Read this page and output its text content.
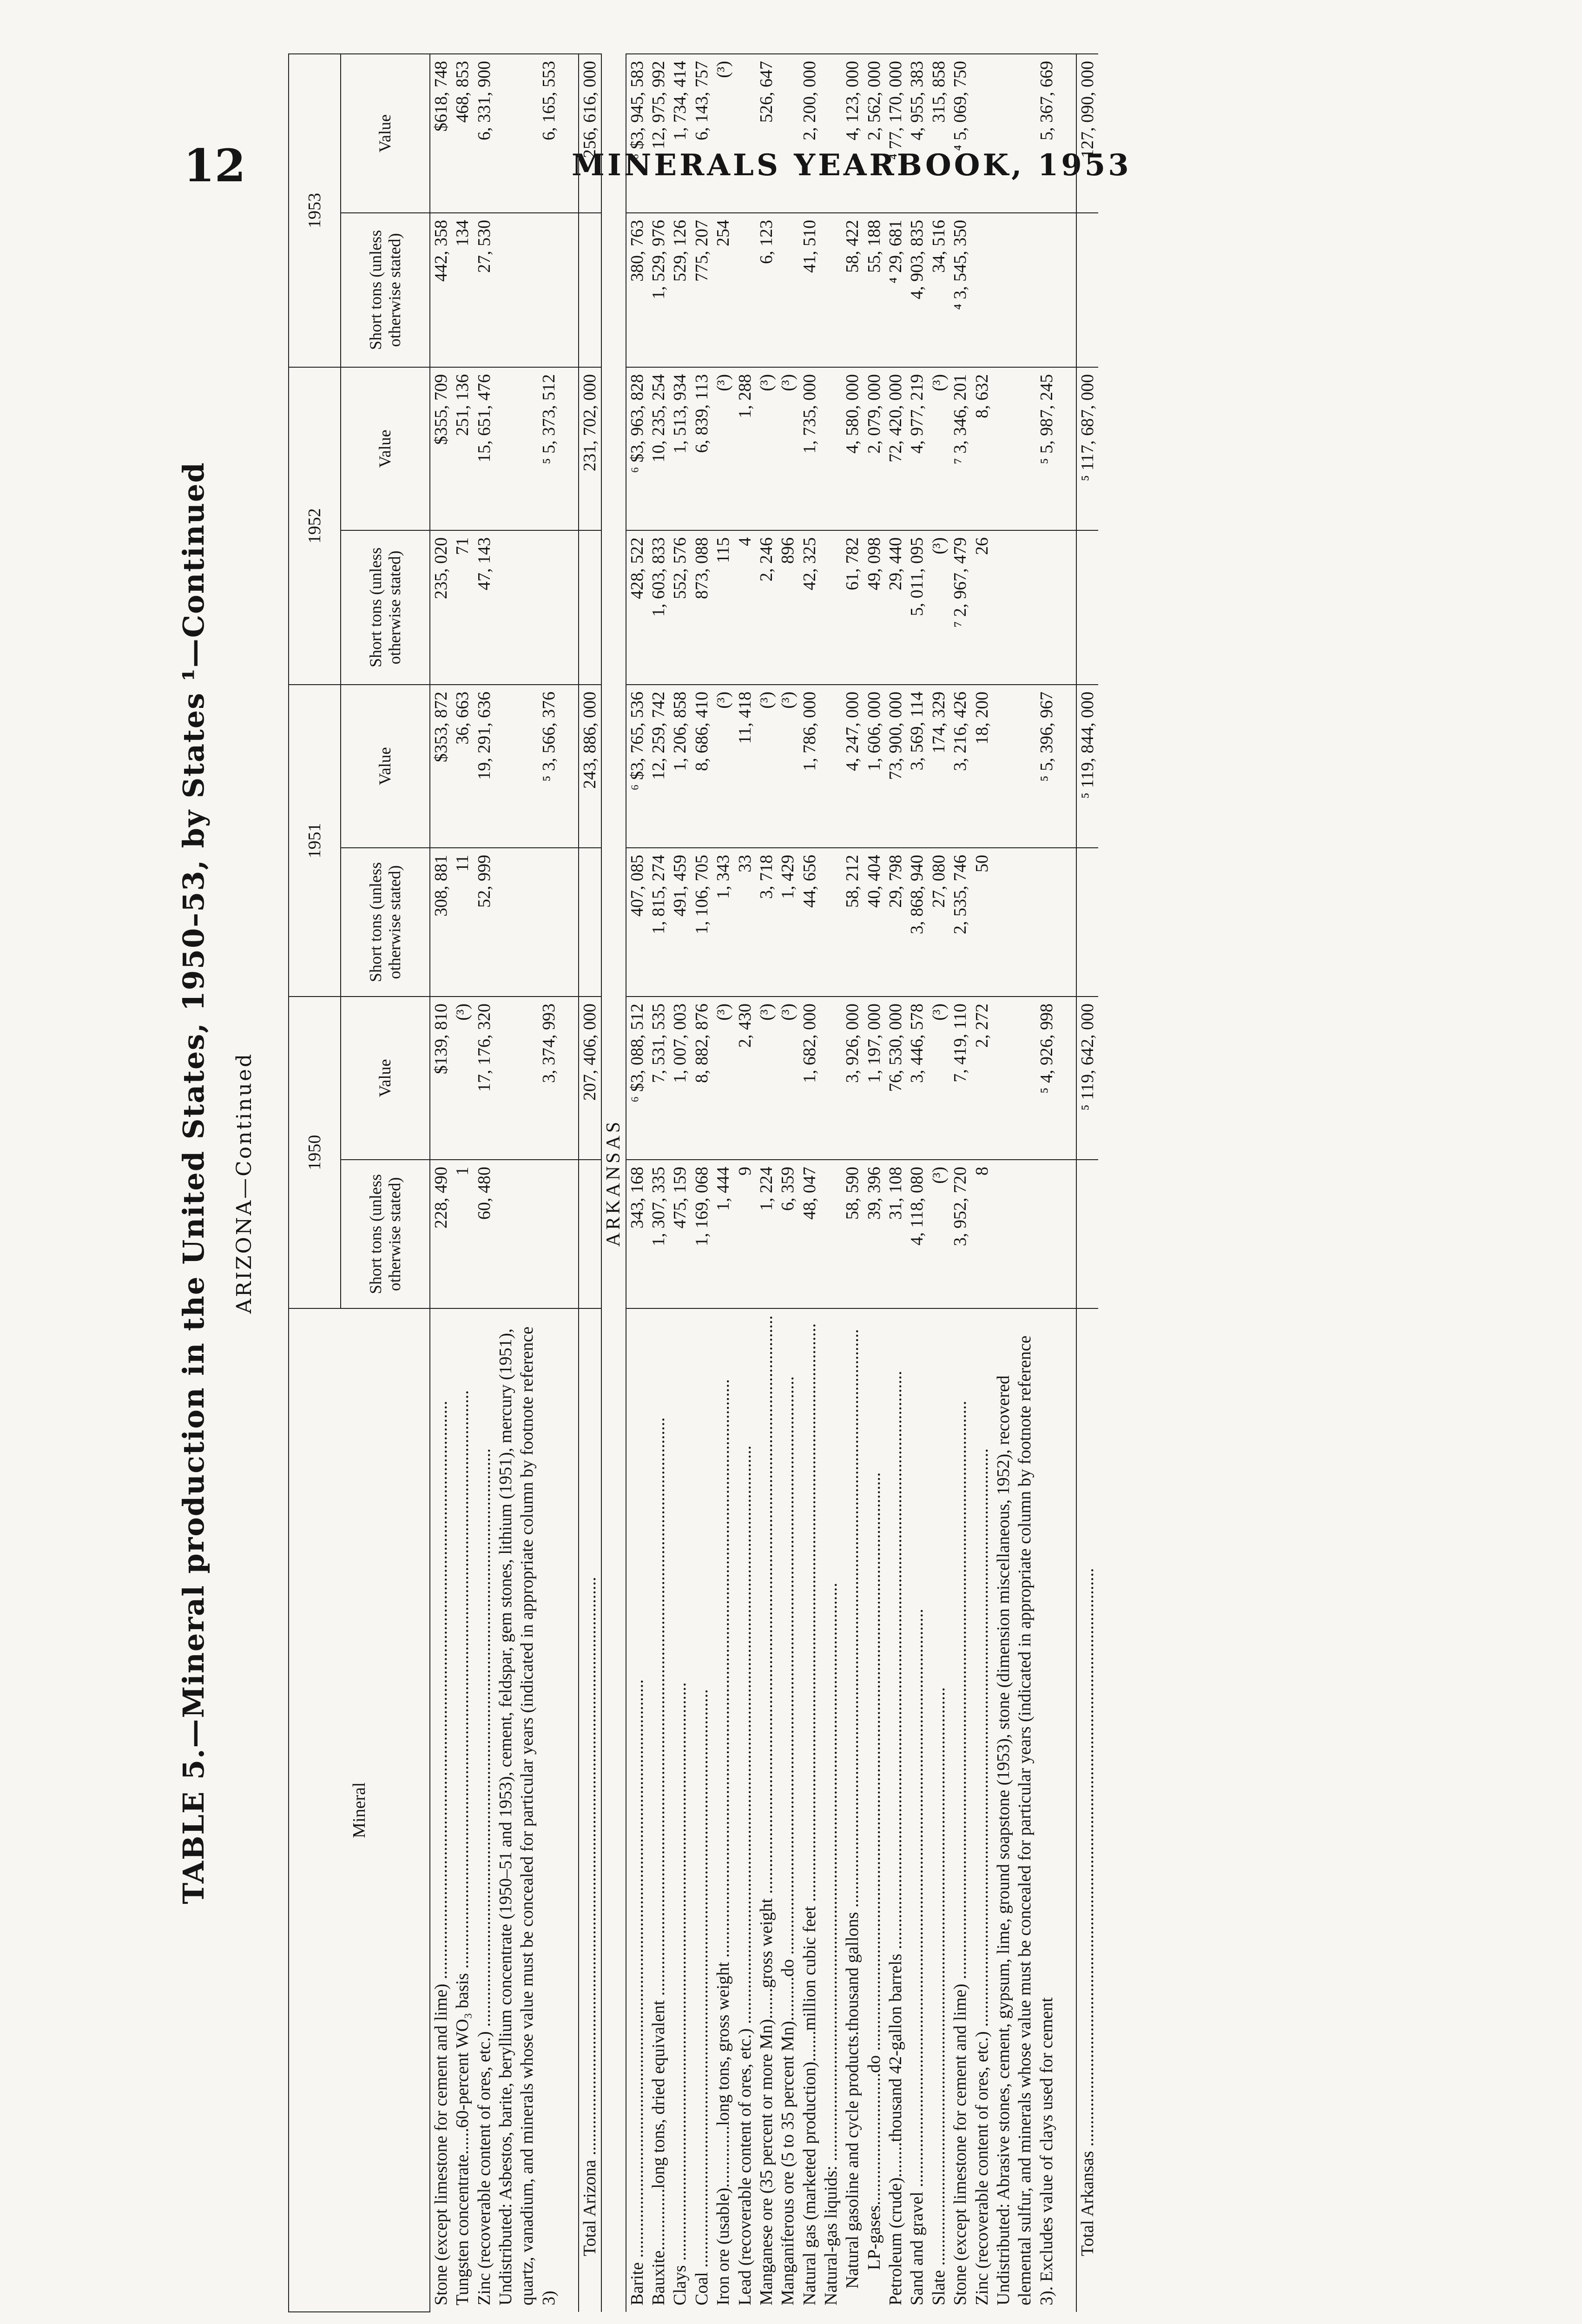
12	MINERALS YEARBOOK, 1953
TABLE 5.—Mineral production in the United States, 1950–53, by States ¹—Continued ARIZONA—Continued
Mineral	1950		1951		1952		1953	
	Short tons (unless otherwise stated)	Value	Short tons (unless otherwise stated)	Value	Short tons (unless otherwise stated)	Value	Short tons (unless otherwise stated)	Value

Stone (except limestone for cement and lime) .....	228, 490	$139, 810	308, 881	$353, 872	235, 020	$355, 709	442, 358	$618, 748

Tungsten concentrate......60-percent WO₃ basis .....	1	(³)	11	36, 663	71	251, 136	134	468, 853

Zinc (recoverable content of ores, etc.) .....	60, 480	17, 176, 320	52, 999	19, 291, 636	47, 143	15, 651, 476	27, 530	6, 331, 900
Undistributed: Asbestos, barite, beryllium concentrate (1950–51 and 1953), cement, feldspar, gem stones, lithium (1951), mercury (1951), quartz, vanadium, and minerals whose value must be concealed for particular years (indicated in appropriate column by footnote reference 3)		3, 374, 993		⁵ 3, 566, 376		⁵ 5, 373, 512		6, 165, 553

Total Arizona .....		207, 406, 000		243, 886, 000		231, 702, 000		256, 616, 000
ARKANSAS								

Barite .....	343, 168	⁶ $3, 088, 512	407, 085	⁶ $3, 765, 536	428, 522	⁶ $3, 963, 828	380, 763	⁶ $3, 945, 583

Bauxite..............long tons, dried equivalent .....	1, 307, 335	7, 531, 535	1, 815, 274	12, 259, 742	1, 603, 833	10, 235, 254	1, 529, 976	12, 975, 992

Clays .....	475, 159	1, 007, 003	491, 459	1, 206, 858	552, 576	1, 513, 934	529, 126	1, 734, 414

Coal .....	1, 169, 068	8, 882, 876	1, 106, 705	8, 686, 410	873, 088	6, 839, 113	775, 207	6, 143, 757

Iron ore (usable)..............long tons, gross weight .....	1, 444	(³)	1, 343	(³)	115	(³)	254	(³)

Lead (recoverable content of ores, etc.) .....	9	2, 430	33	11, 418	4	1, 288		

Manganese ore (35 percent or more Mn).......gross weight .....	1, 224	(³)	3, 718	(³)	2, 246	(³)	6, 123	526, 647

Manganiferous ore (5 to 35 percent Mn)..........do .....	6, 359	(³)	1, 429	(³)	896	(³)		

Natural gas (marketed production).......million cubic feet .....	48, 047	1, 682, 000	44, 656	1, 786, 000	42, 325	1, 735, 000	41, 510	2, 200, 000

Natural-gas liquids: .....

Natural gasoline and cycle products.thousand gallons .....	58, 590	3, 926, 000	58, 212	4, 247, 000	61, 782	4, 580, 000	58, 422	4, 123, 000

LP-gases..............................do .....	39, 396	1, 197, 000	40, 404	1, 606, 000	49, 098	2, 079, 000	55, 188	2, 562, 000

Petroleum (crude)........thousand 42-gallon barrels .....	31, 108	76, 530, 000	29, 798	73, 900, 000	29, 440	72, 420, 000	⁴ 29, 681	⁴ 77, 170, 000

Sand and gravel .....	4, 118, 080	3, 446, 578	3, 868, 940	3, 569, 114	5, 011, 095	4, 977, 219	4, 903, 835	4, 955, 383

Slate .....	(³)	(³)	27, 080	174, 329	(³)	(³)	34, 516	315, 858

Stone (except limestone for cement and lime) .....	3, 952, 720	7, 419, 110	2, 535, 746	3, 216, 426	⁷ 2, 967, 479	⁷ 3, 346, 201	⁴ 3, 545, 350	⁴ 5, 069, 750

Zinc (recoverable content of ores, etc.) .....	8	2, 272	50	18, 200	26	8, 632		
Undistributed: Abrasive stones, cement, gypsum, lime, ground soapstone (1953), stone (dimension miscellaneous, 1952), recovered elemental sulfur, and minerals whose value must be concealed for particular years (indicated in appropriate column by footnote reference 3). Excludes value of clays used for cement		⁵ 4, 926, 998		⁵ 5, 396, 967		⁵ 5, 987, 245		5, 367, 669

Total Arkansas .....		⁵ 119, 642, 000		⁵ 119, 844, 000		⁵ 117, 687, 000		127, 090, 000
